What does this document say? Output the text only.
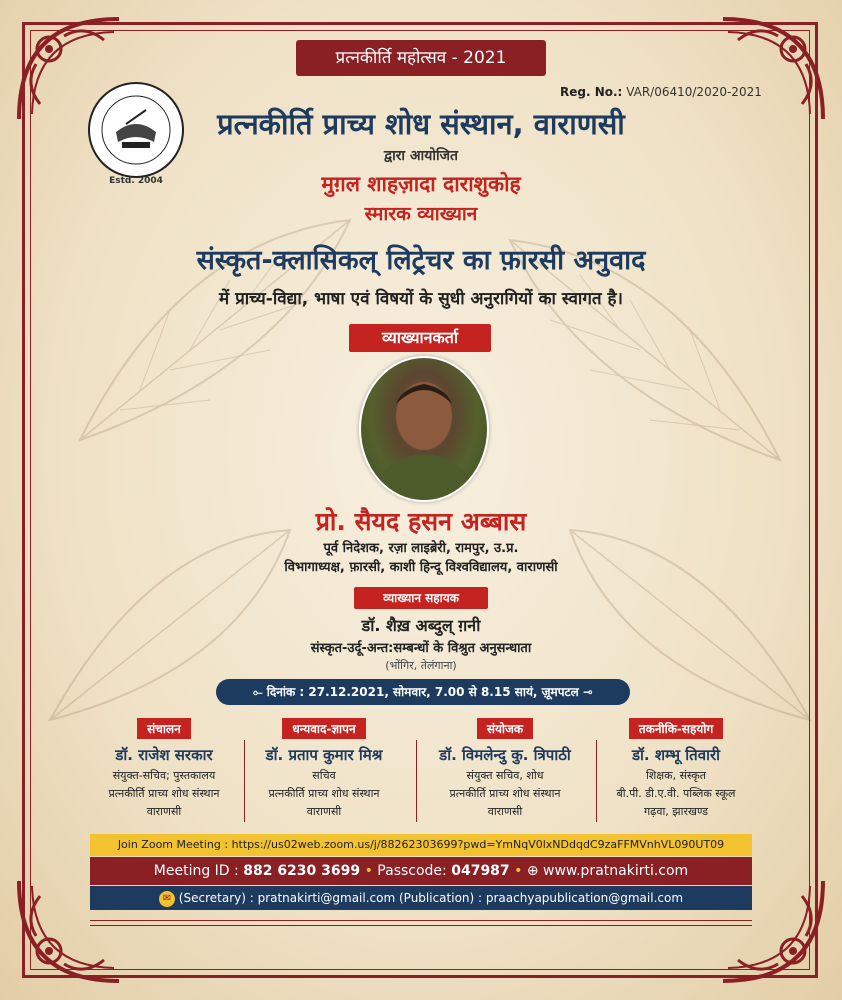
प्रत्नकीर्ति महोत्सव - 2021
Reg. No.: VAR/06410/2020-2021
Estd. 2004
प्रत्नकीर्ति प्राच्य शोध संस्थान, वाराणसी
द्वारा आयोजित
मुग़ल शाहज़ादा दाराशुकोह
स्मारक व्याख्यान
संस्कृत-क्लासिकल् लिट्रेचर का फ़ारसी अनुवाद
में प्राच्य-विद्या, भाषा एवं विषयों के सुधी अनुरागियों का स्वागत है।
व्याख्यानकर्ता
प्रो. सैयद हसन अब्बास
पूर्व निदेशक, रज़ा लाइब्रेरी, रामपुर, उ.प्र.
विभागाध्यक्ष, फ़ारसी, काशी हिन्दू विश्वविद्यालय, वाराणसी
व्याख्यान सहायक
डॉ. शैख़ अब्दुल् ग़नी
संस्कृत-उर्दू-अन्त:सम्बन्धों के विश्रुत अनुसन्धाता
(भोंगिर, तेलंगाना)
⟜ दिनांक : 27.12.2021, सोमवार, 7.00 से 8.15 सायं, ज़ूमपटल ⊸
संचालन
डॉ. राजेश सरकार
संयुक्त-सचिव; पुस्तकालय
प्रत्नकीर्ति प्राच्य शोध संस्थान
वाराणसी
धन्यवाद-ज्ञापन
डॉ. प्रताप कुमार मिश्र
सचिव
प्रत्नकीर्ति प्राच्य शोध संस्थान
वाराणसी
संयोजक
डॉ. विमलेन्दु कु. त्रिपाठी
संयुक्त सचिव, शोध
प्रत्नकीर्ति प्राच्य शोध संस्थान
वाराणसी
तकनीकि-सहयोग
डॉ. शम्भू तिवारी
शिक्षक, संस्कृत
बी.पी. डी.ए.वी. पब्लिक स्कूल
गढ़वा, झारखण्ड
Join Zoom Meeting : https://us02web.zoom.us/j/88262303699?pwd=YmNqV0lxNDdqdC9zaFFMVnhVL090UT09
Meeting ID : 882 6230 3699 • Passcode: 047987 • ⊕ www.pratnakirti.com
✉ (Secretary) : pratnakirti@gmail.com (Publication) : praachyapublication@gmail.com
